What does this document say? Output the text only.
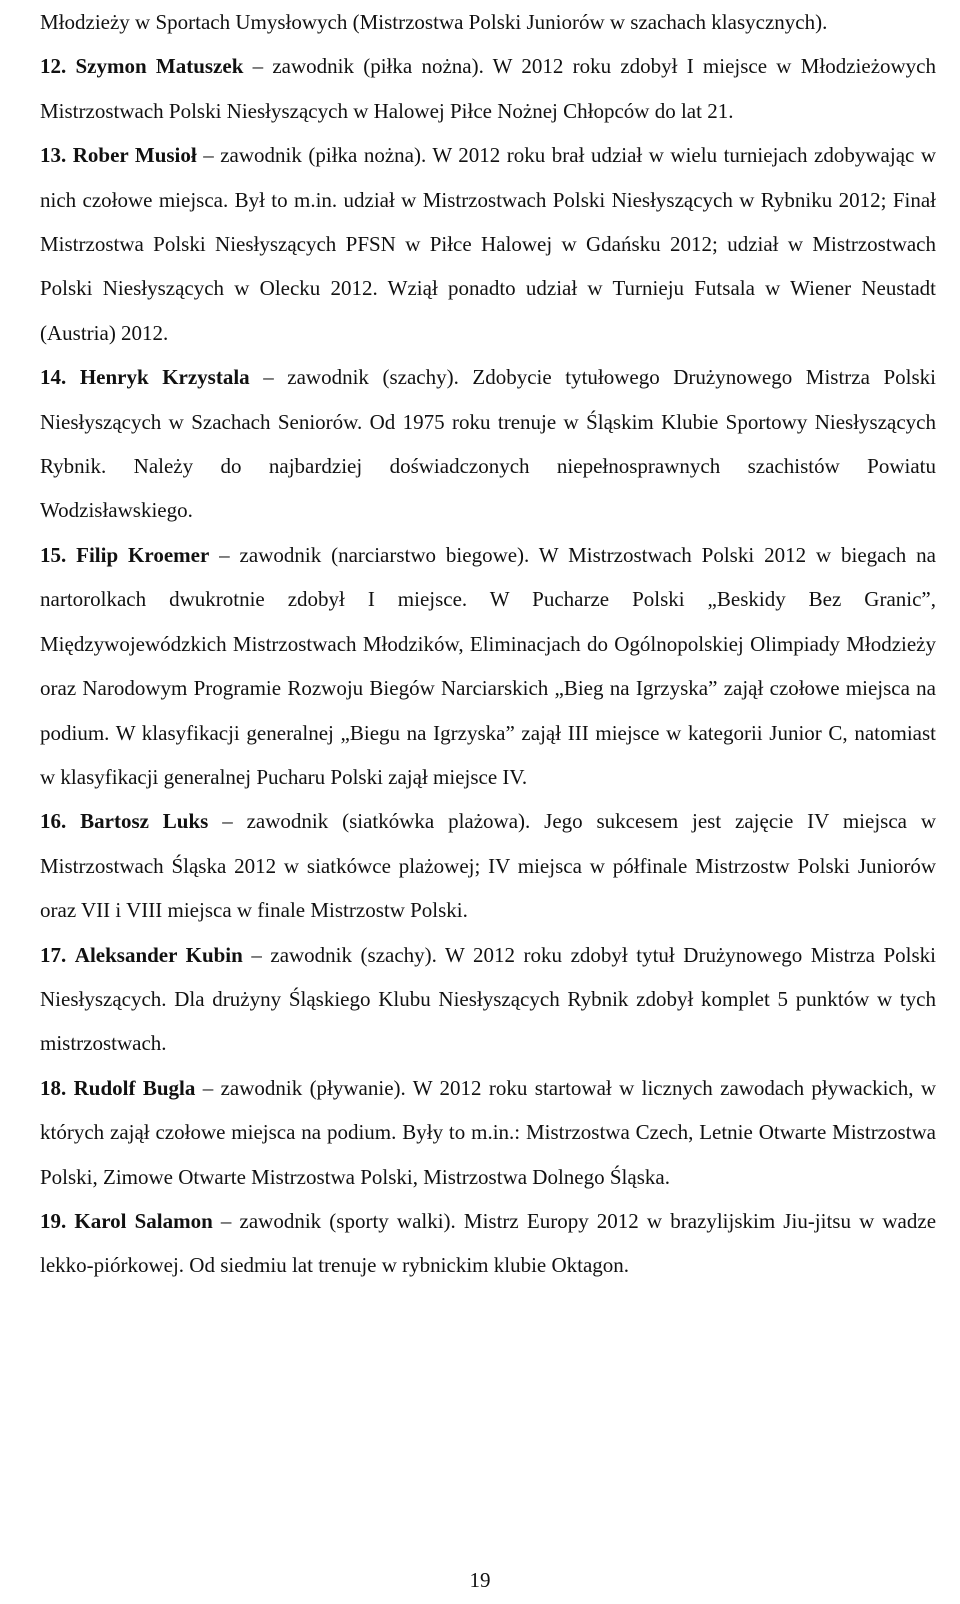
Młodzieży w Sportach Umysłowych (Mistrzostwa Polski Juniorów w szachach klasycznych).

12. Szymon Matuszek – zawodnik (piłka nożna). W 2012 roku zdobył I miejsce w Młodzieżowych Mistrzostwach Polski Niesłyszących w Halowej Piłce Nożnej Chłopców do lat 21.

13. Rober Musioł – zawodnik (piłka nożna). W 2012 roku brał udział w wielu turniejach zdobywając w nich czołowe miejsca. Był to m.in. udział w Mistrzostwach Polski Niesłyszących w Rybniku 2012; Finał Mistrzostwa Polski Niesłyszących PFSN w Piłce Halowej w Gdańsku 2012; udział w Mistrzostwach Polski Niesłyszących w Olecku 2012. Wziął ponadto udział w Turnieju Futsala w Wiener Neustadt (Austria) 2012.

14. Henryk Krzystala – zawodnik (szachy). Zdobycie tytułowego Drużynowego Mistrza Polski Niesłyszących w Szachach Seniorów. Od 1975 roku trenuje w Śląskim Klubie Sportowy Niesłyszących Rybnik. Należy do najbardziej doświadczonych niepełnosprawnych szachistów Powiatu Wodzisławskiego.

15. Filip Kroemer – zawodnik (narciarstwo biegowe). W Mistrzostwach Polski 2012 w biegach na nartorolkach dwukrotnie zdobył I miejsce. W Pucharze Polski „Beskidy Bez Granic”, Międzywojewódzkich Mistrzostwach Młodzików, Eliminacjach do Ogólnopolskiej Olimpiady Młodzieży oraz Narodowym Programie Rozwoju Biegów Narciarskich „Bieg na Igrzyska” zajął czołowe miejsca na podium. W klasyfikacji generalnej „Biegu na Igrzyska” zajął III miejsce w kategorii Junior C, natomiast w klasyfikacji generalnej Pucharu Polski zajął miejsce IV.

16. Bartosz Luks – zawodnik (siatkówka plażowa). Jego sukcesem jest zajęcie IV miejsca w Mistrzostwach Śląska 2012 w siatkówce plażowej; IV miejsca w półfinale Mistrzostw Polski Juniorów oraz VII i VIII miejsca w finale Mistrzostw Polski.

17. Aleksander Kubin – zawodnik (szachy). W 2012 roku zdobył tytuł Drużynowego Mistrza Polski Niesłyszących. Dla drużyny Śląskiego Klubu Niesłyszących Rybnik zdobył komplet 5 punktów w tych mistrzostwach.

18. Rudolf Bugla – zawodnik (pływanie). W 2012 roku startował w licznych zawodach pływackich, w których zajął czołowe miejsca na podium. Były to m.in.: Mistrzostwa Czech, Letnie Otwarte Mistrzostwa Polski, Zimowe Otwarte Mistrzostwa Polski, Mistrzostwa Dolnego Śląska.

19. Karol Salamon – zawodnik (sporty walki). Mistrz Europy 2012 w brazylijskim Jiu-jitsu w wadze lekko-piórkowej. Od siedmiu lat trenuje w rybnickim klubie Oktagon.

19
